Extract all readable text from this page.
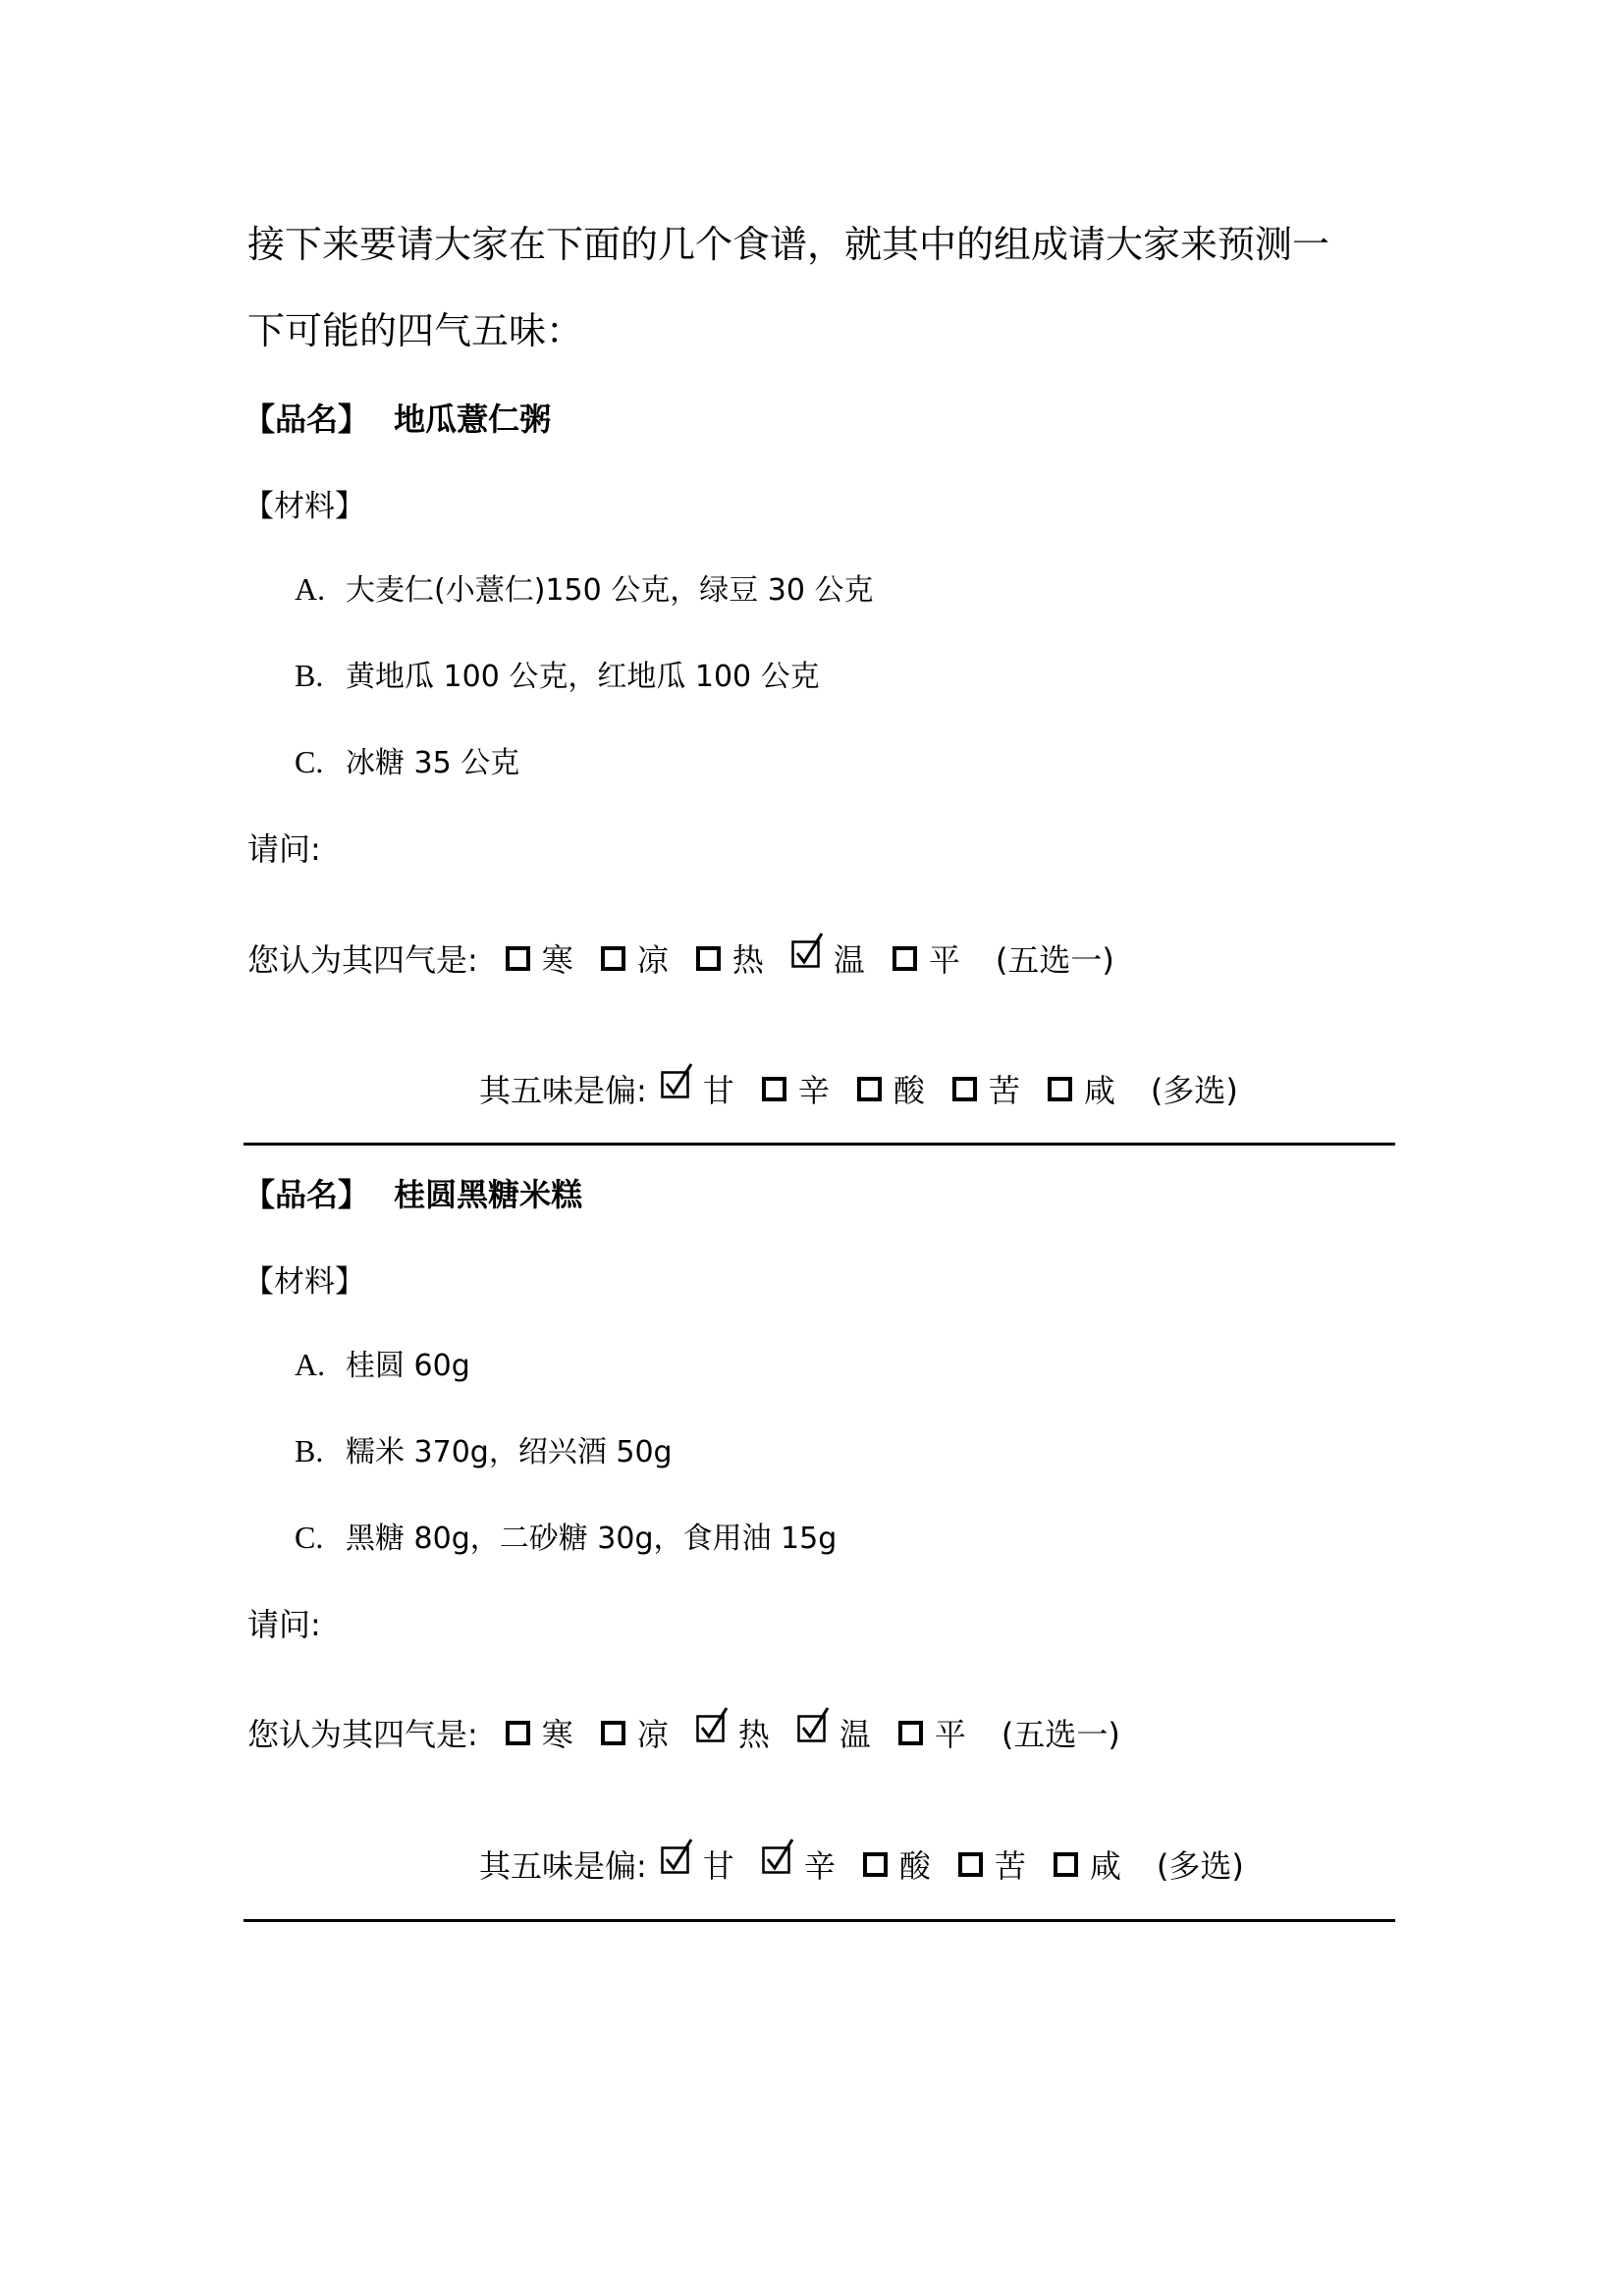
接下来要请大家在下面的几个食谱，就其中的组成请大家来预测一
下可能的四气五味：
【品名】 地瓜薏仁粥
【材料】
A. 大麦仁(小薏仁)150 公克，绿豆 30 公克
B. 黄地瓜 100 公克，红地瓜 100 公克
C. 冰糖 35 公克
请问:
您认为其四气是: 寒 凉 热 温 平 (五选一)
其五味是偏: 甘 辛 酸 苦 咸 (多选)
【品名】 桂圆黑糖米糕
【材料】
A. 桂圆 60g
B. 糯米 370g，绍兴酒 50g
C. 黑糖 80g，二砂糖 30g，食用油 15g
请问:
您认为其四气是: 寒 凉 热 温 平 (五选一)
其五味是偏: 甘 辛 酸 苦 咸 (多选)
